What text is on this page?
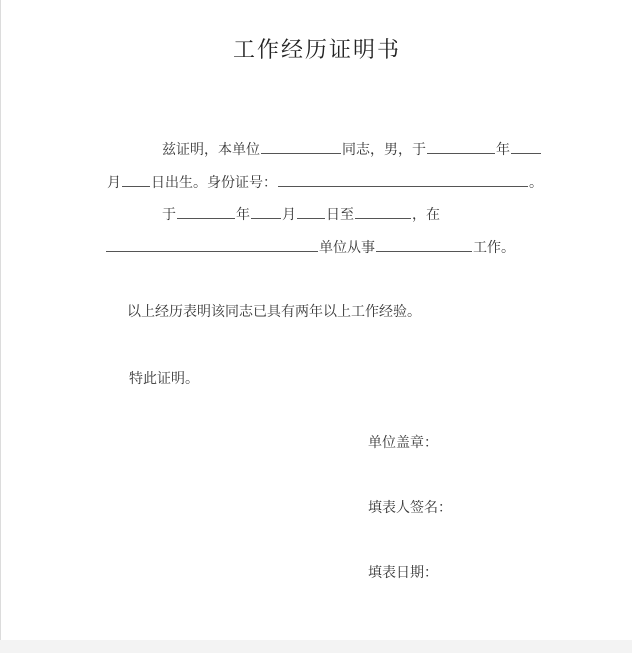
工作经历证明书
兹证明，本单位	同志，男，于	年
月 日出生。身份证号：	。
于	年 月 日至	，在
单位从事	工作。
以上经历表明该同志已具有两年以上工作经验。
特此证明。
单位盖章：
填表人签名：
填表日期：
